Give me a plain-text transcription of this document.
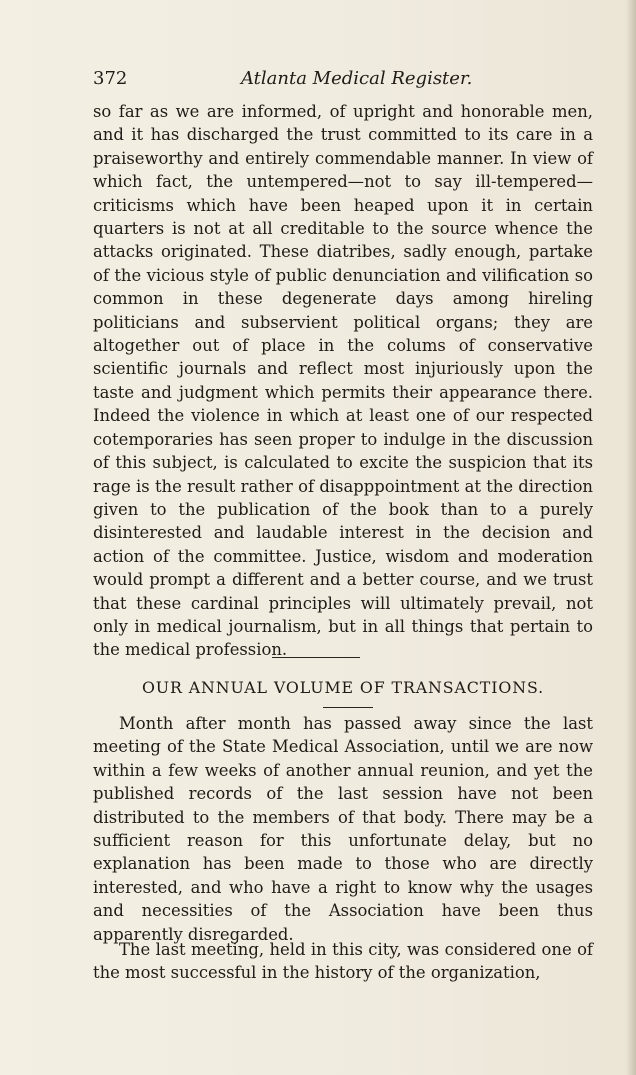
372	Atlanta Medical Register.

so far as we are informed, of upright and honorable men, and it has discharged the trust committed to its care in a praiseworthy and entirely commendable manner. In view of which fact, the untempered—not to say ill-tempered—criticisms which have been heaped upon it in certain quarters is not at all creditable to the source whence the attacks originated. These diatribes, sadly enough, partake of the vicious style of public denunciation and vilification so common in these degenerate days among hireling politicians and subservient political organs; they are altogether out of place in the colums of conservative scientific journals and reflect most injuriously upon the taste and judgment which permits their appearance there. Indeed the violence in which at least one of our respected cotemporaries has seen proper to indulge in the discussion of this subject, is calculated to excite the suspicion that its rage is the result rather of disapppointment at the direction given to the publication of the book than to a purely disinterested and laudable interest in the decision and action of the committee. Justice, wisdom and moderation would prompt a different and a better course, and we trust that these cardinal principles will ultimately prevail, not only in medical journalism, but in all things that pertain to the medical profession.

OUR ANNUAL VOLUME OF TRANSACTIONS.

Month after month has passed away since the last meeting of the State Medical Association, until we are now within a few weeks of another annual reunion, and yet the published records of the last session have not been distributed to the members of that body. There may be a sufficient reason for this unfortunate delay, but no explanation has been made to those who are directly interested, and who have a right to know why the usages and necessities of the Association have been thus apparently disregarded.

The last meeting, held in this city, was considered one of the most successful in the history of the organization,
